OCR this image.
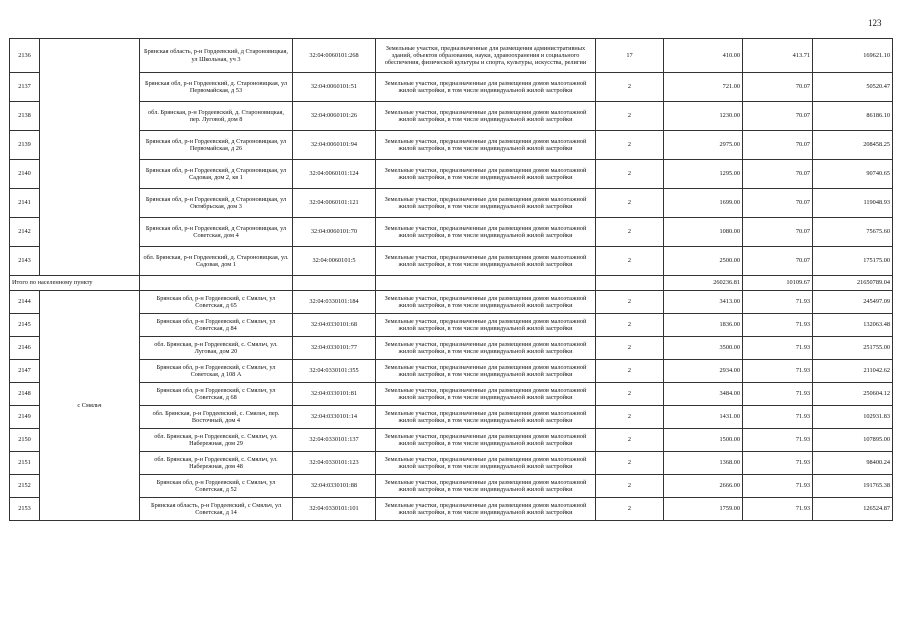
123
2136		Брянская область, р-н Гордеевский, д Староновицкая, ул Школьная, уч 3	32:04:0060101:268	Земельные участки, предназначенные для размещения административных зданий, объектов образования, науки, здравоохранения и социального обеспечения, физической культуры и спорта, культуры, искусства, религии	17	410.00	413.71	169621.10
2137		Брянская обл, р-н Гордеевский, д. Староновицкая, ул Первомайская, д 53	32:04:0060101:51	Земельные участки, предназначенные для размещения домов малоэтажной жилой застройки, в том числе индивидуальной жилой застройки	2	721.00	70.07	50520.47
2138		обл. Брянская, р-н Гордеевский, д. Староновицкая, пер. Луговой, дом 8	32:04:0060101:26	Земельные участки, предназначенные для размещения домов малоэтажной жилой застройки, в том числе индивидуальной жилой застройки	2	1230.00	70.07	86186.10
2139		Брянская обл, р-н Гордеевский, д Староновицкая, ул Первомайская, д 26	32:04:0060101:94	Земельные участки, предназначенные для размещения домов малоэтажной жилой застройки, в том числе индивидуальной жилой застройки	2	2975.00	70.07	208458.25
2140		Брянская обл, р-н Гордеевский, д Староновицкая, ул Садовая, дом 2, кв 1	32:04:0060101:124	Земельные участки, предназначенные для размещения домов малоэтажной жилой застройки, в том числе индивидуальной жилой застройки	2	1295.00	70.07	90740.65
2141		Брянская обл, р-н Гордеевский, д Староновицкая, ул Октябрьская, дом 3	32:04:0060101:121	Земельные участки, предназначенные для размещения домов малоэтажной жилой застройки, в том числе индивидуальной жилой застройки	2	1699.00	70.07	119048.93
2142		Брянская обл, р-н Гордеевский, д Староновицкая, ул Советская, дом 4	32:04:0060101:70	Земельные участки, предназначенные для размещения домов малоэтажной жилой застройки, в том числе индивидуальной жилой застройки	2	1080.00	70.07	75675.60
2143		обл. Брянская, р-н Гордеевский, д. Староновицкая, ул. Садовая, дом 1	32:04:0060101:5	Земельные участки, предназначенные для размещения домов малоэтажной жилой застройки, в том числе индивидуальной жилой застройки	2	2500.00	70.07	175175.00
Итого по населенному пункту						260236.81	10109.67	21650789.04
2144	с Смяльч	Брянская обл, р-н Гордеевский, с Смяльч, ул Советская, д 65	32:04:0330101:184	Земельные участки, предназначенные для размещения домов малоэтажной жилой застройки, в том числе индивидуальной жилой застройки	2	3413.00	71.93	245497.09
2145		Брянская обл, р-н Гордеевский, с Смяльч, ул Советская, д 84	32:04:0330101:68	Земельные участки, предназначенные для размещения домов малоэтажной жилой застройки, в том числе индивидуальной жилой застройки	2	1836.00	71.93	132063.48
2146		обл. Брянская, р-н Гордеевский, с. Смяльч, ул. Луговая, дом 20	32:04:0330101:77	Земельные участки, предназначенные для размещения домов малоэтажной жилой застройки, в том числе индивидуальной жилой застройки	2	3500.00	71.93	251755.00
2147		Брянская обл, р-н Гордеевский, с Смяльч, ул Советская, д 108 А	32:04:0330101:355	Земельные участки, предназначенные для размещения домов малоэтажной жилой застройки, в том числе индивидуальной жилой застройки	2	2934.00	71.93	211042.62
2148		Брянская обл, р-н Гордеевский, с Смяльч, ул Советская, д 68	32:04:0330101:81	Земельные участки, предназначенные для размещения домов малоэтажной жилой застройки, в том числе индивидуальной жилой застройки	2	3484.00	71.93	250604.12
2149		обл. Брянская, р-н Гордеевский, с. Смяльч, пер. Восточный, дом 4	32:04:0330101:14	Земельные участки, предназначенные для размещения домов малоэтажной жилой застройки, в том числе индивидуальной жилой застройки	2	1431.00	71.93	102931.83
2150		обл. Брянская, р-н Гордеевский, с. Смяльч, ул. Набережная, дом 29	32:04:0330101:137	Земельные участки, предназначенные для размещения домов малоэтажной жилой застройки, в том числе индивидуальной жилой застройки	2	1500.00	71.93	107895.00
2151		обл. Брянская, р-н Гордеевский, с. Смяльч, ул. Набережная, дом 48	32:04:0330101:123	Земельные участки, предназначенные для размещения домов малоэтажной жилой застройки, в том числе индивидуальной жилой застройки	2	1368.00	71.93	98400.24
2152		Брянская обл, р-н Гордеевский, с Смяльч, ул Советская, д 52	32:04:0330101:88	Земельные участки, предназначенные для размещения домов малоэтажной жилой застройки, в том числе индивидуальной жилой застройки	2	2666.00	71.93	191765.38
2153		Брянская область, р-н Гордеевский, с Смяльч, ул Советская, д 14	32:04:0330101:101	Земельные участки, предназначенные для размещения домов малоэтажной жилой застройки, в том числе индивидуальной жилой застройки	2	1759.00	71.93	126524.87
